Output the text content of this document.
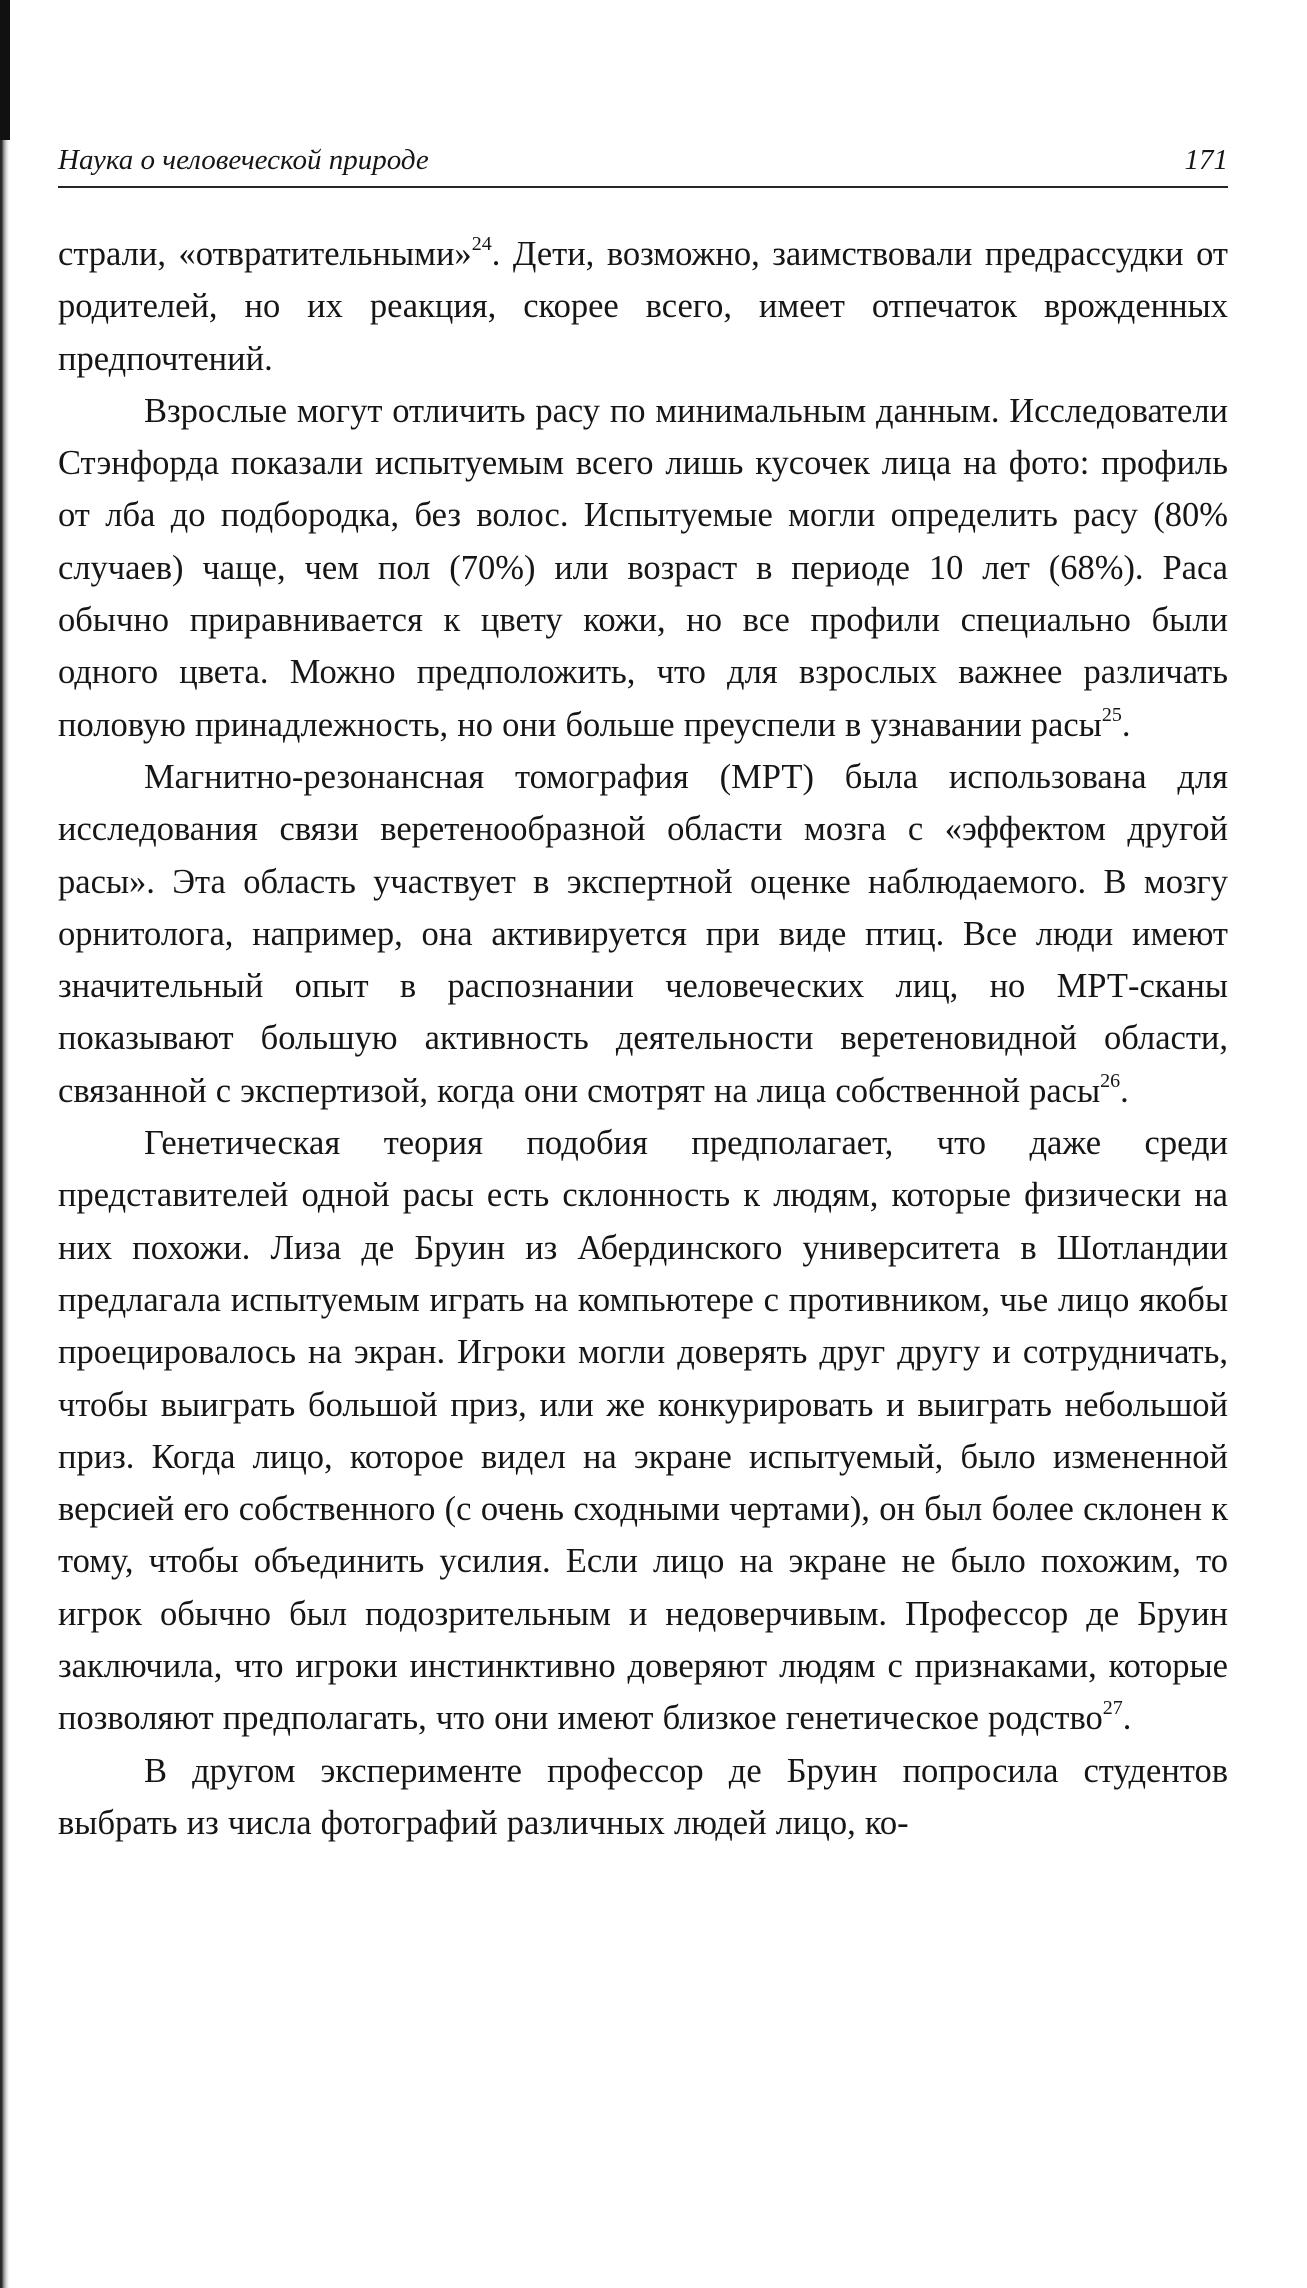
Наука о человеческой природе	171

страли, «отвратительными»$^{24}$. Дети, возможно, заимствовали предрассудки от родителей, но их реакция, скорее всего, имеет отпечаток врожденных предпочтений.

Взрослые могут отличить расу по минимальным данным. Исследователи Стэнфорда показали испытуемым всего лишь кусочек лица на фото: профиль от лба до подбородка, без волос. Испытуемые могли определить расу (80% случаев) чаще, чем пол (70%) или возраст в периоде 10 лет (68%). Раса обычно приравнивается к цвету кожи, но все профили специально были одного цвета. Можно предположить, что для взрослых важнее различать половую принадлежность, но они больше преуспели в узнавании расы$^{25}$.

Магнитно-резонансная томография (МРТ) была использована для исследования связи веретенообразной области мозга с «эффектом другой расы». Эта область участвует в экспертной оценке наблюдаемого. В мозгу орнитолога, например, она активируется при виде птиц. Все люди имеют значительный опыт в распознании человеческих лиц, но МРТ-сканы показывают большую активность деятельности веретеновидной области, связанной с экспертизой, когда они смотрят на лица собственной расы$^{26}$.

Генетическая теория подобия предполагает, что даже среди представителей одной расы есть склонность к людям, которые физически на них похожи. Лиза де Бруин из Абердинского университета в Шотландии предлагала испытуемым играть на компьютере с противником, чье лицо якобы проецировалось на экран. Игроки могли доверять друг другу и сотрудничать, чтобы выиграть большой приз, или же конкурировать и выиграть небольшой приз. Когда лицо, которое видел на экране испытуемый, было измененной версией его собственного (с очень сходными чертами), он был более склонен к тому, чтобы объединить усилия. Если лицо на экране не было похожим, то игрок обычно был подозрительным и недоверчивым. Профессор де Бруин заключила, что игроки инстинктивно доверяют людям с признаками, которые позволяют предполагать, что они имеют близкое генетическое родство$^{27}$.

В другом эксперименте профессор де Бруин попросила студентов выбрать из числа фотографий различных людей лицо, ко-
